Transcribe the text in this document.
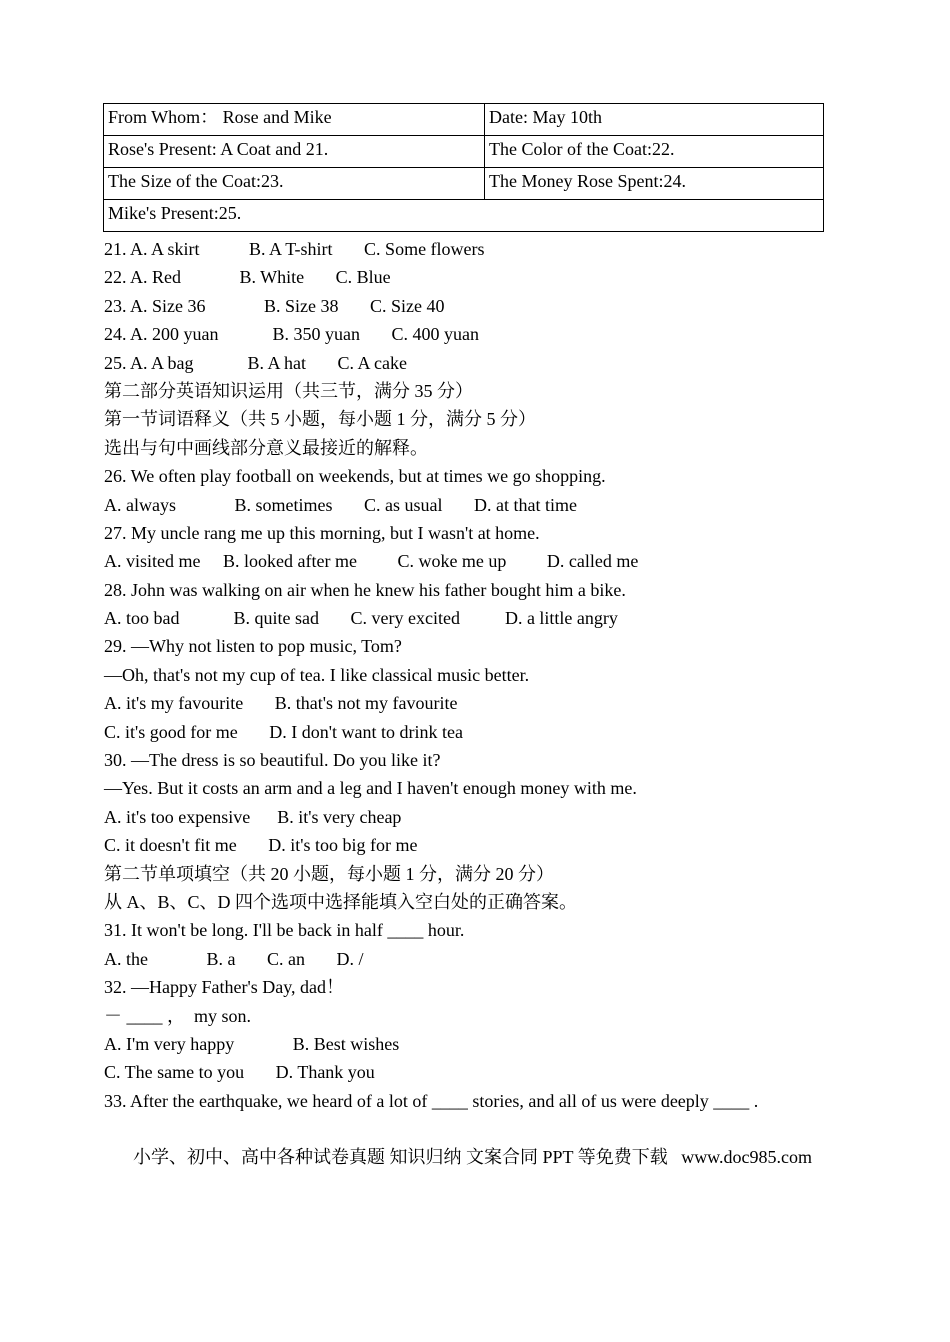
From Whom： Rose and Mike	Date: May 10th
Rose's Present: A Coat and 21.	The Color of the Coat:22.
The Size of the Coat:23.	The Money Rose Spent:24.
Mike's Present:25.	
21. A. A skirt           B. A T-shirt       C. Some flowers
22. A. Red             B. White       C. Blue
23. A. Size 36             B. Size 38       C. Size 40
24. A. 200 yuan            B. 350 yuan       C. 400 yuan
25. A. A bag            B. A hat       C. A cake
第二部分英语知识运用（共三节，满分 35 分）
第一节词语释义（共 5 小题，每小题 1 分，满分 5 分）
选出与句中画线部分意义最接近的解释。
26. We often play football on weekends, but at times we go shopping.
A. always             B. sometimes       C. as usual       D. at that time
27. My uncle rang me up this morning, but I wasn't at home.
A. visited me     B. looked after me         C. woke me up         D. called me
28. John was walking on air when he knew his father bought him a bike.
A. too bad            B. quite sad       C. very excited          D. a little angry
29. ―Why not listen to pop music, Tom?
―Oh, that's not my cup of tea. I like classical music better.
A. it's my favourite       B. that's not my favourite
C. it's good for me       D. I don't want to drink tea
30. ―The dress is so beautiful. Do you like it?
―Yes. But it costs an arm and a leg and I haven't enough money with me.
A. it's too expensive      B. it's very cheap
C. it doesn't fit me       D. it's too big for me
第二节单项填空（共 20 小题，每小题 1 分，满分 20 分）
从 A、B、C、D 四个选项中选择能填入空白处的正确答案。
31. It won't be long. I'll be back in half ____ hour.
A. the             B. a       C. an       D. /
32. ―Happy Father's Day, dad！
－ ____ ，  my son.
A. I'm very happy             B. Best wishes
C. The same to you       D. Thank you
33. After the earthquake, we heard of a lot of ____ stories, and all of us were deeply ____ .
小学、初中、高中各种试卷真题 知识归纳 文案合同 PPT 等免费下载   www.doc985.com
